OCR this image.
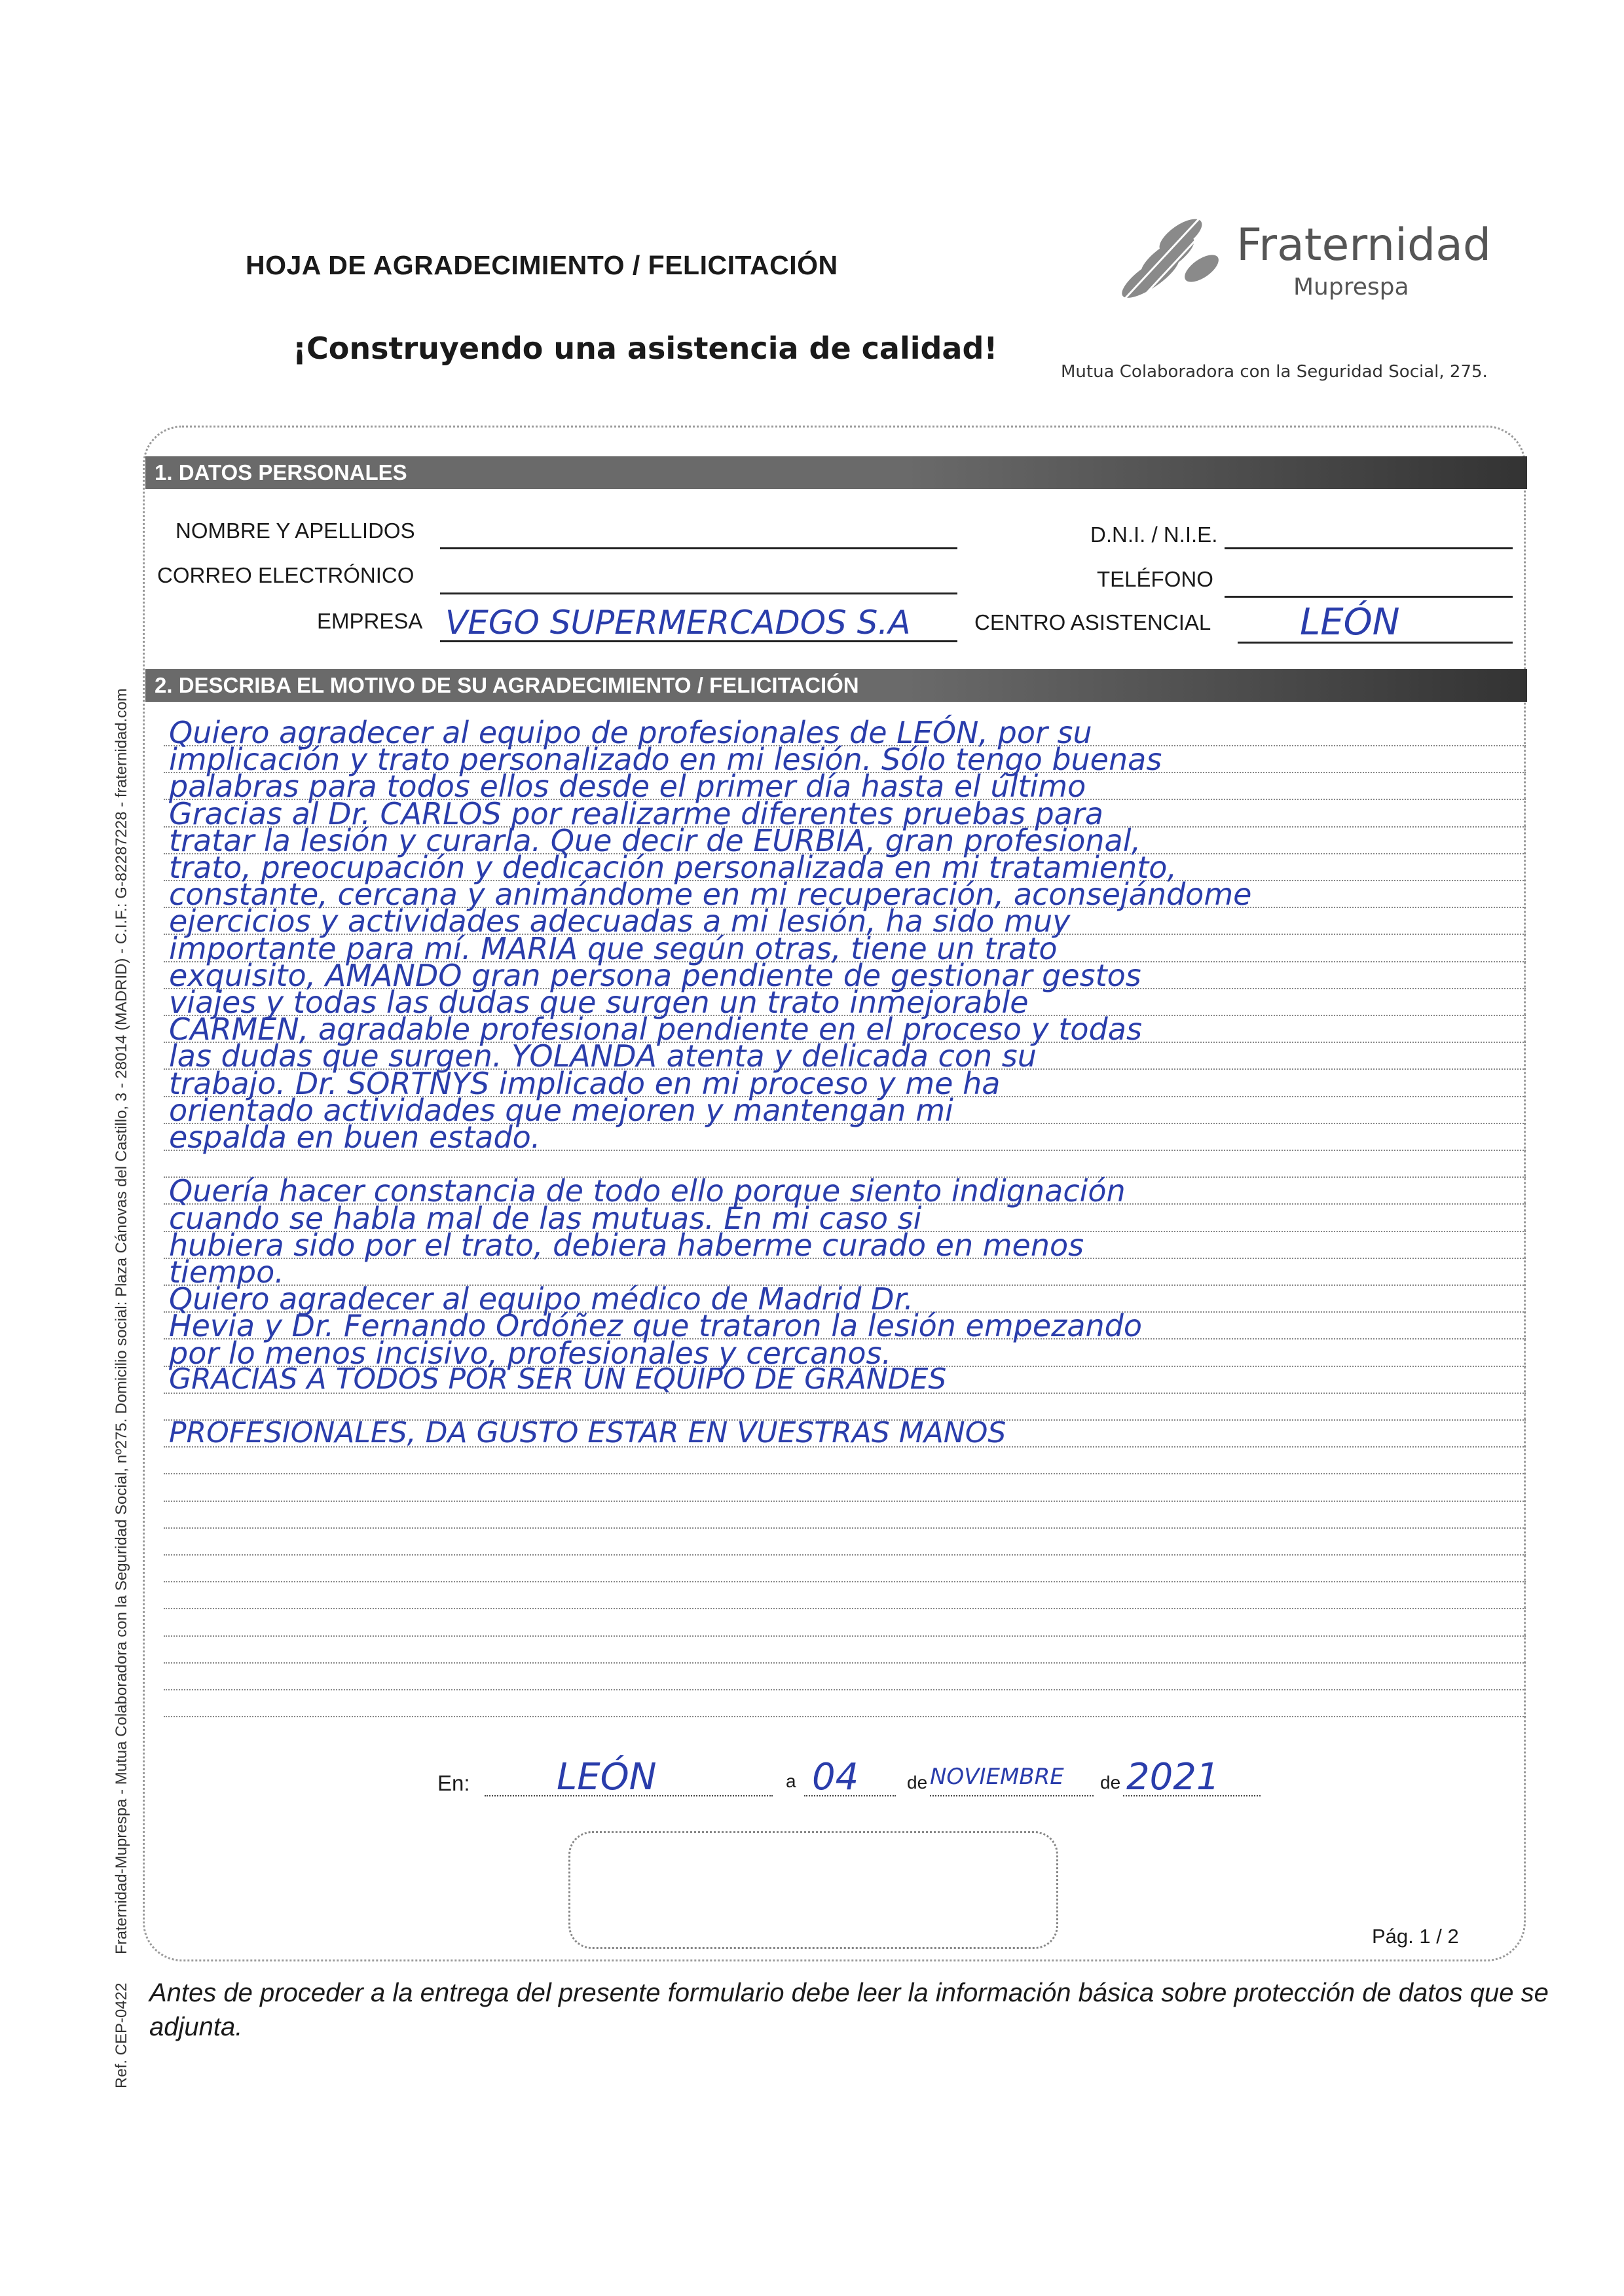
HOJA DE AGRADECIMIENTO / FELICITACIÓN
¡Construyendo una asistencia de calidad!
Fraternidad
Muprespa
Mutua Colaboradora con la Seguridad Social, 275.
1. DATOS PERSONALES
NOMBRE Y APELLIDOS	D.N.I. / N.I.E.
CORREO ELECTRÓNICO	TELÉFONO
EMPRESA VEGO SUPERMERCADOS S.A	CENTRO ASISTENCIAL LEÓN
2. DESCRIBA EL MOTIVO DE SU AGRADECIMIENTO / FELICITACIÓN
Quiero agradecer al equipo de profesionales de LEÓN, por su
implicación y trato personalizado en mi lesión. Sólo tengo buenas
palabras para todos ellos desde el primer día hasta el último
Gracias al Dr. CARLOS por realizarme diferentes pruebas para
tratar la lesión y curarla. Que decir de EURBIA, gran profesional,
trato, preocupación y dedicación personalizada en mi tratamiento,
constante, cercana y animándome en mi recuperación, aconsejándome
ejercicios y actividades adecuadas a mi lesión, ha sido muy
importante para mí. MARIA que según otras, tiene un trato
exquisito, AMANDO gran persona pendiente de gestionar gestos
viajes y todas las dudas que surgen un trato inmejorable
CARMEN, agradable profesional pendiente en el proceso y todas
las dudas que surgen. YOLANDA atenta y delicada con su
trabajo. Dr. SORTNYS implicado en mi proceso y me ha
orientado actividades que mejoren y mantengan mi
espalda en buen estado.
Quería hacer constancia de todo ello porque siento indignación
cuando se habla mal de las mutuas. En mi caso si
hubiera sido por el trato, debiera haberme curado en menos
tiempo.
Quiero agradecer al equipo médico de Madrid Dr.
Hevia y Dr. Fernando Ordóñez que trataron la lesión empezando
por lo menos incisivo, profesionales y cercanos.
GRACIAS A TODOS POR SER UN EQUIPO DE GRANDES
PROFESIONALES, DA GUSTO ESTAR EN VUESTRAS MANOS
En: LEÓN	a 04	de NOVIEMBRE de 2021
Pág. 1 / 2
Antes de proceder a la entrega del presente formulario debe leer la información básica sobre protección de datos que se adjunta.
Fraternidad-Muprespa - Mutua Colaboradora con la Seguridad Social, nº275. Domicilio social: Plaza Cánovas del Castillo, 3 - 28014 (MADRID) - C.I.F.: G-82287228 - fraternidad.com
Ref. CEP-0422
